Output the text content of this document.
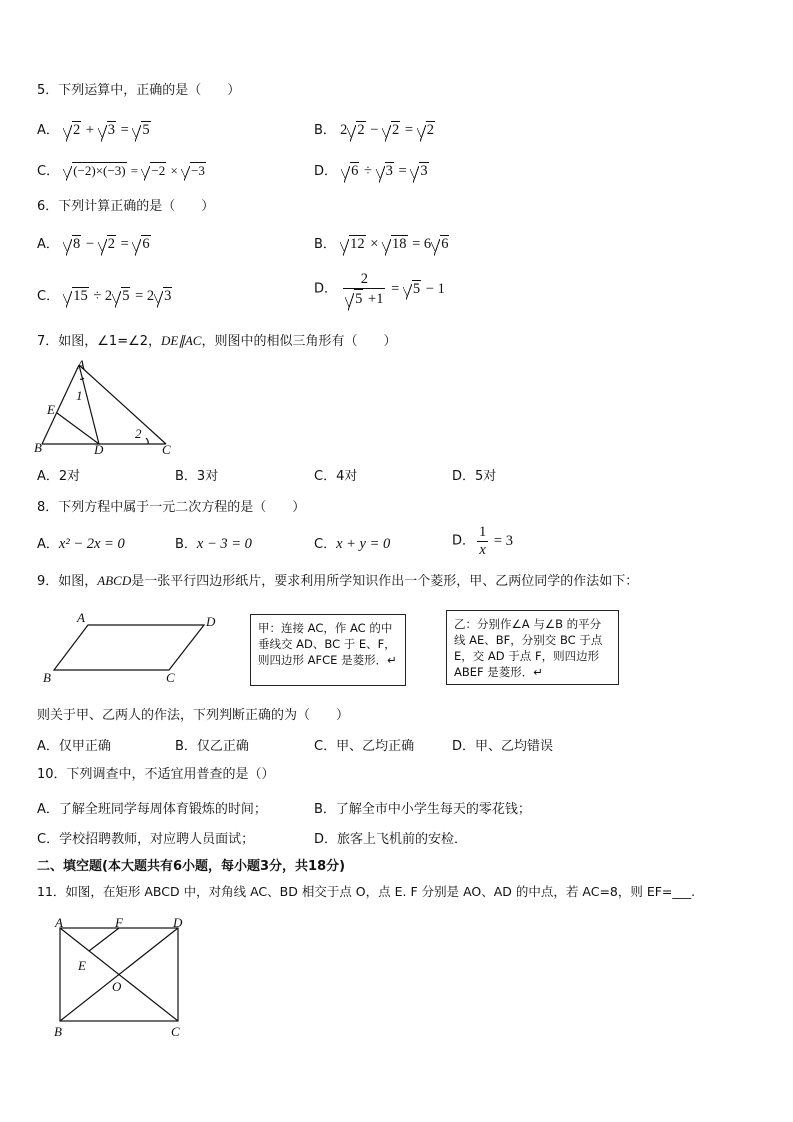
5．下列运算中，正确的是（　　）
A． 2 + 3 = 5	B． 2 2 − 2 = 2
C． (−2)×(−3) = −2 × −3	D． 6 ÷ 3 = 3
6．下列计算正确的是（　　）
A． 8 − 2 = 6	B． 12 × 18 = 6 6
C． 15 ÷ 2 5 = 2 3	D． $\frac{2}{5 +1} = 5 - 1$
7．如图，∠1=∠2，DE∥AC，则图中的相似三角形有（　　）
A
E
B	D	C
1
2
A．2对	B．3对	C．4对	D．5对
8．下列方程中属于一元二次方程的是（　　）
A．x² − 2x = 0	B．x − 3 = 0	C．x + y = 0	D． $\frac{1}{x} = 3$
9．如图，ABCD是一张平行四边形纸片，要求利用所学知识作出一个菱形，甲、乙两位同学的作法如下：
A	D
B	C
甲：连接 AC，作 AC 的中垂线交 AD、BC 于 E、F，则四边形 AFCE 是菱形．↵
乙：分别作∠A 与∠B 的平分线 AE、BF，分别交 BC 于点 E，交 AD 于点 F，则四边形 ABEF 是菱形．↵
则关于甲、乙两人的作法，下列判断正确的为（　　）
A．仅甲正确	B．仅乙正确	C．甲、乙均正确	D．甲、乙均错误
10．下列调查中，不适宜用普查的是（）
A．了解全班同学每周体育锻炼的时间；	B．了解全市中小学生每天的零花钱；
C．学校招聘教师，对应聘人员面试；	D．旅客上飞机前的安检．
二、填空题(本大题共有6小题，每小题3分，共18分)
11．如图，在矩形 ABCD 中，对角线 AC、BD 相交于点 O，点 E. F 分别是 AO、AD 的中点，若 AC=8，则 EF=___.
A	F	D
E
O
B	C
